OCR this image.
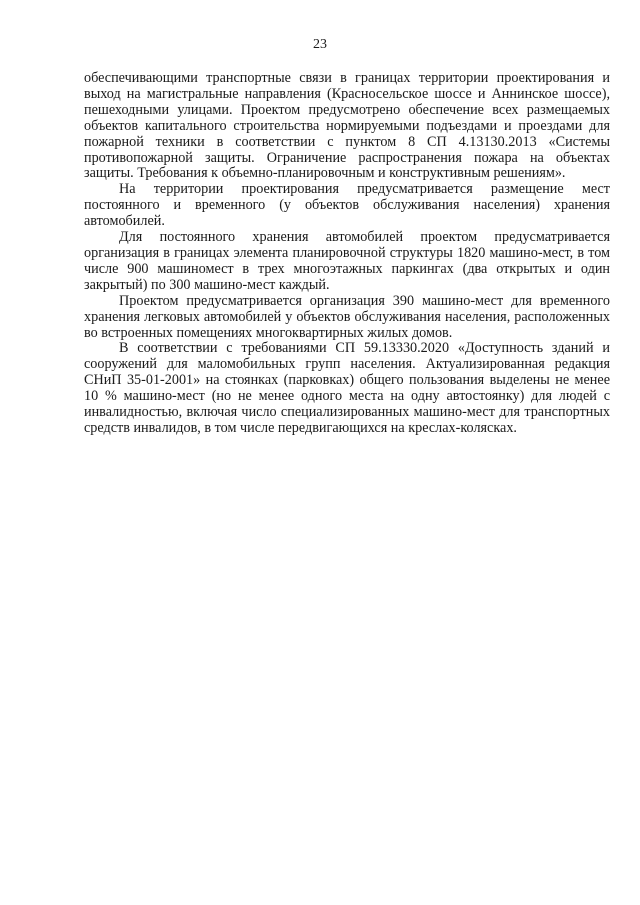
23

обеспечивающими транспортные связи в границах территории проектирования и выход на магистральные направления (Красносельское шоссе и Аннинское шоссе), пешеходными улицами. Проектом предусмотрено обеспечение всех размещаемых объектов капитального строительства нормируемыми подъездами и проездами для пожарной техники в соответствии с пунктом 8 СП 4.13130.2013 «Системы противопожарной защиты. Ограничение распространения пожара на объектах защиты. Требования к объемно-планировочным и конструктивным решениям».

На территории проектирования предусматривается размещение мест постоянного и временного (у объектов обслуживания населения) хранения автомобилей.

Для постоянного хранения автомобилей проектом предусматривается организация в границах элемента планировочной структуры 1820 машино-мест, в том числе 900 машиномест в трех многоэтажных паркингах (два открытых и один закрытый) по 300 машино-мест каждый.

Проектом предусматривается организация 390 машино-мест для временного хранения легковых автомобилей у объектов обслуживания населения, расположенных во встроенных помещениях многоквартирных жилых домов.

В соответствии с требованиями СП 59.13330.2020 «Доступность зданий и сооружений для маломобильных групп населения. Актуализированная редакция СНиП 35-01-2001» на стоянках (парковках) общего пользования выделены не менее 10 % машино-мест (но не менее одного места на одну автостоянку) для людей с инвалидностью, включая число специализированных машино-мест для транспортных средств инвалидов, в том числе передвигающихся на креслах-колясках.
